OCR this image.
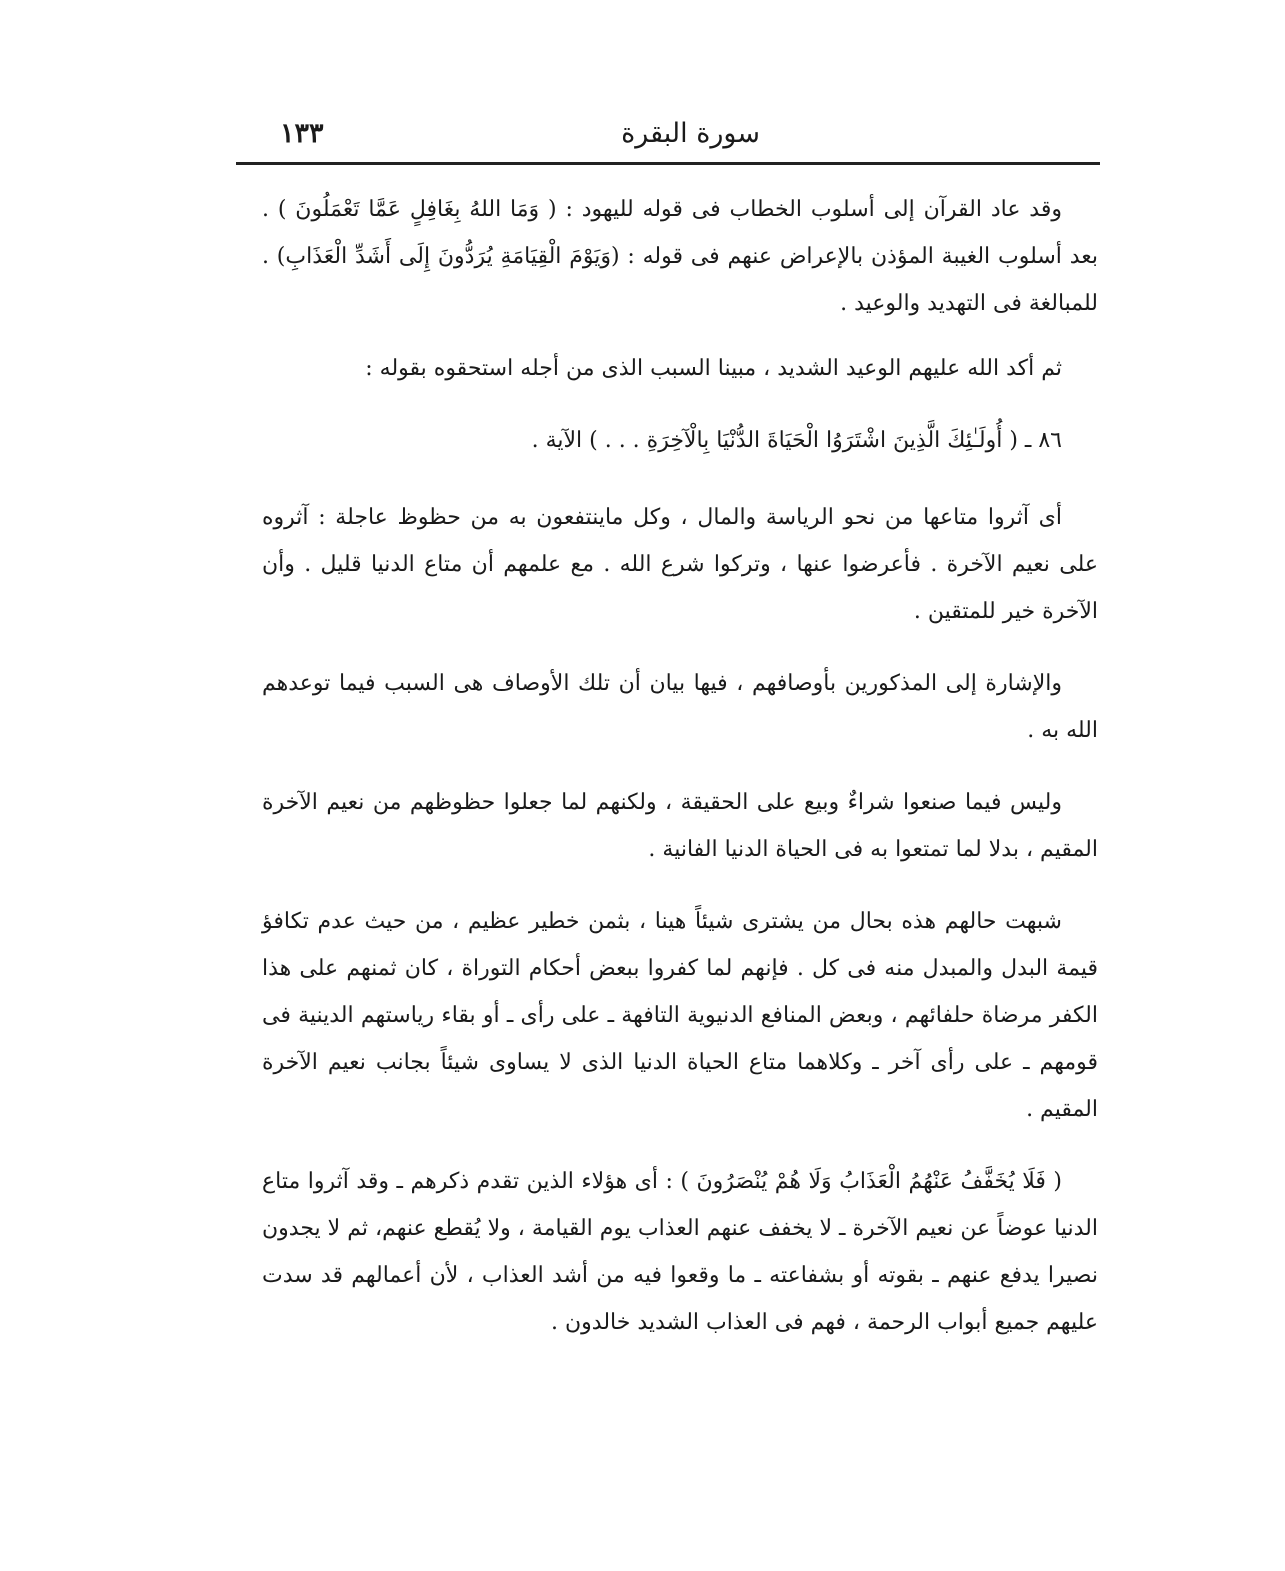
سورة البقرة
١٣٣

وقد عاد القرآن إلى أسلوب الخطاب فى قوله لليهود : ( وَمَا اللهُ بِغَافِلٍ عَمَّا تَعْمَلُونَ ) . بعد أسلوب الغيبة المؤذن بالإعراض عنهم فى قوله : (وَيَوْمَ الْقِيَامَةِ يُرَدُّونَ إِلَى أَشَدِّ الْعَذَابِ) . للمبالغة فى التهديد والوعيد .

ثم أكد الله عليهم الوعيد الشديد ، مبينا السبب الذى من أجله استحقوه بقوله :

٨٦ ـ ( أُولَـٰئِكَ الَّذِينَ اشْتَرَوُا الْحَيَاةَ الدُّنْيَا بِالْآخِرَةِ . . . ) الآية .

أى آثروا متاعها من نحو الرياسة والمال ، وكل ماينتفعون به من حظوظ عاجلة : آثروه على نعيم الآخرة . فأعرضوا عنها ، وتركوا شرع الله . مع علمهم أن متاع الدنيا قليل . وأن الآخرة خير للمتقين .

والإشارة إلى المذكورين بأوصافهم ، فيها بيان أن تلك الأوصاف هى السبب فيما توعدهم الله به .

وليس فيما صنعوا شراءٌ وبيع على الحقيقة ، ولكنهم لما جعلوا حظوظهم من نعيم الآخرة المقيم ، بدلا لما تمتعوا به فى الحياة الدنيا الفانية .

شبهت حالهم هذه بحال من يشترى شيئاً هينا ، بثمن خطير عظيم ، من حيث عدم تكافؤ قيمة البدل والمبدل منه فى كل . فإنهم لما كفروا ببعض أحكام التوراة ، كان ثمنهم على هذا الكفر مرضاة حلفائهم ، وبعض المنافع الدنيوية التافهة ـ على رأى ـ أو بقاء رياستهم الدينية فى قومهم ـ على رأى آخر ـ وكلاهما متاع الحياة الدنيا الذى لا يساوى شيئاً بجانب نعيم الآخرة المقيم .

( فَلَا يُخَفَّفُ عَنْهُمُ الْعَذَابُ وَلَا هُمْ يُنْصَرُونَ ) : أى هؤلاء الذين تقدم ذكرهم ـ وقد آثروا متاع الدنيا عوضاً عن نعيم الآخرة ـ لا يخفف عنهم العذاب يوم القيامة ، ولا يُقطع عنهم، ثم لا يجدون نصيرا يدفع عنهم ـ بقوته أو بشفاعته ـ ما وقعوا فيه من أشد العذاب ، لأن أعمالهم قد سدت عليهم جميع أبواب الرحمة ، فهم فى العذاب الشديد خالدون .
